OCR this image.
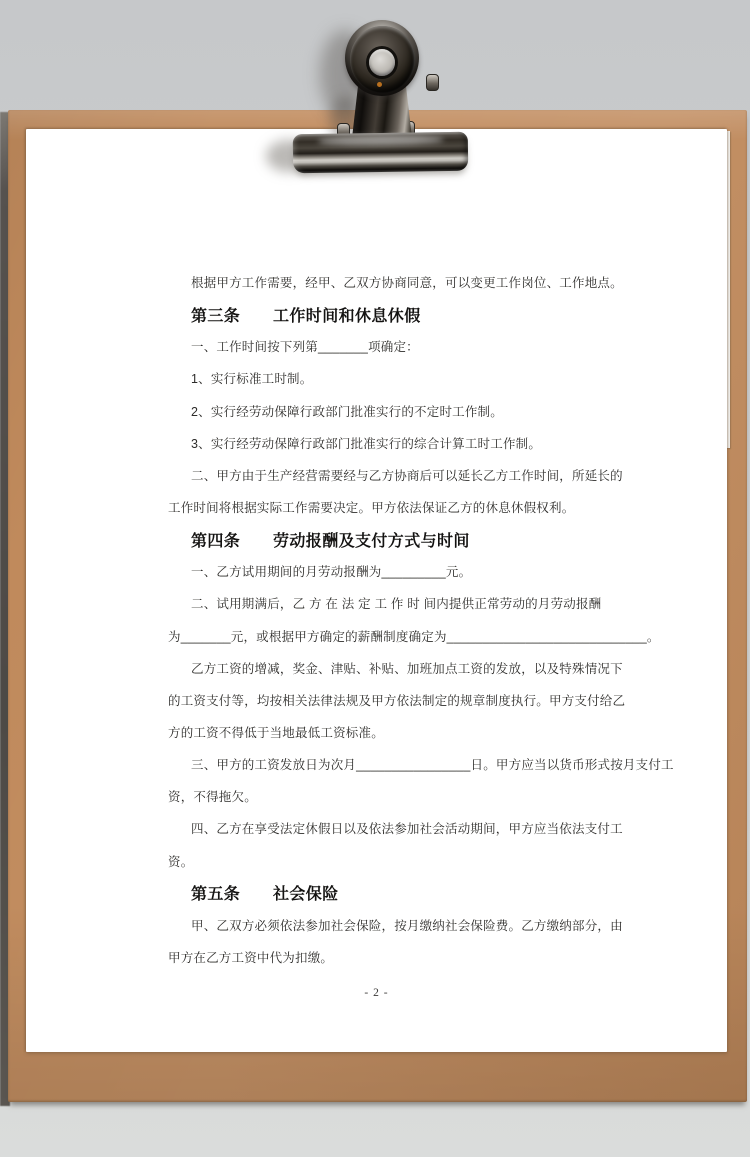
根据甲方工作需要，经甲、乙双方协商同意，可以变更工作岗位、工作地点。
第三条　　工作时间和休息休假
一、工作时间按下列第_______项确定：
1、实行标准工时制。
2、实行经劳动保障行政部门批准实行的不定时工作制。
3、实行经劳动保障行政部门批准实行的综合计算工时工作制。
二、甲方由于生产经营需要经与乙方协商后可以延长乙方工作时间，所延长的
工作时间将根据实际工作需要决定。甲方依法保证乙方的休息休假权利。
第四条　　劳动报酬及支付方式与时间
一、乙方试用期间的月劳动报酬为_________元。
二、试用期满后，乙 方 在 法 定 工 作 时 间内提供正常劳动的月劳动报酬
为_______元，或根据甲方确定的薪酬制度确定为____________________________。
乙方工资的增减，奖金、津贴、补贴、加班加点工资的发放，以及特殊情况下
的工资支付等，均按相关法律法规及甲方依法制定的规章制度执行。甲方支付给乙
方的工资不得低于当地最低工资标准。
三、甲方的工资发放日为次月________________日。甲方应当以货币形式按月支付工
资，不得拖欠。
四、乙方在享受法定休假日以及依法参加社会活动期间，甲方应当依法支付工
资。
第五条　　社会保险
甲、乙双方必须依法参加社会保险，按月缴纳社会保险费。乙方缴纳部分，由
甲方在乙方工资中代为扣缴。
- 2 -
